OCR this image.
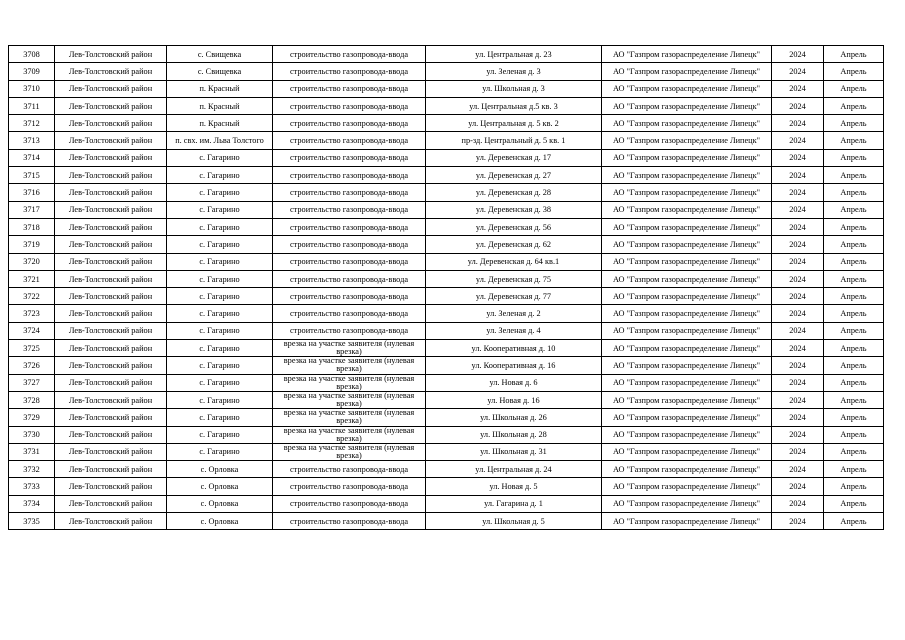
3708	Лев-Толстовский район	с. Свищевка	строительство газопровода-ввода	ул. Центральная д. 23	АО "Газпром газораспределение Липецк"	2024	Апрель
3709	Лев-Толстовский район	с. Свищевка	строительство газопровода-ввода	ул. Зеленая д. 3	АО "Газпром газораспределение Липецк"	2024	Апрель
3710	Лев-Толстовский район	п. Красный	строительство газопровода-ввода	ул. Школьная д. 3	АО "Газпром газораспределение Липецк"	2024	Апрель
3711	Лев-Толстовский район	п. Красный	строительство газопровода-ввода	ул. Центральная д.5 кв. 3	АО "Газпром газораспределение Липецк"	2024	Апрель
3712	Лев-Толстовский район	п. Красный	строительство газопровода-ввода	ул. Центральная д. 5 кв. 2	АО "Газпром газораспределение Липецк"	2024	Апрель
3713	Лев-Толстовский район	п. свх. им. Льва Толстого	строительство газопровода-ввода	пр-зд. Центральный д. 5 кв. 1	АО "Газпром газораспределение Липецк"	2024	Апрель
3714	Лев-Толстовский район	с. Гагарино	строительство газопровода-ввода	ул. Деревенская д. 17	АО "Газпром газораспределение Липецк"	2024	Апрель
3715	Лев-Толстовский район	с. Гагарино	строительство газопровода-ввода	ул. Деревенская д. 27	АО "Газпром газораспределение Липецк"	2024	Апрель
3716	Лев-Толстовский район	с. Гагарино	строительство газопровода-ввода	ул. Деревенская д. 28	АО "Газпром газораспределение Липецк"	2024	Апрель
3717	Лев-Толстовский район	с. Гагарино	строительство газопровода-ввода	ул. Деревенская д. 38	АО "Газпром газораспределение Липецк"	2024	Апрель
3718	Лев-Толстовский район	с. Гагарино	строительство газопровода-ввода	ул. Деревенская д. 56	АО "Газпром газораспределение Липецк"	2024	Апрель
3719	Лев-Толстовский район	с. Гагарино	строительство газопровода-ввода	ул. Деревенская д. 62	АО "Газпром газораспределение Липецк"	2024	Апрель
3720	Лев-Толстовский район	с. Гагарино	строительство газопровода-ввода	ул. Деревенская д. 64 кв.1	АО "Газпром газораспределение Липецк"	2024	Апрель
3721	Лев-Толстовский район	с. Гагарино	строительство газопровода-ввода	ул. Деревенская д. 75	АО "Газпром газораспределение Липецк"	2024	Апрель
3722	Лев-Толстовский район	с. Гагарино	строительство газопровода-ввода	ул. Деревенская д. 77	АО "Газпром газораспределение Липецк"	2024	Апрель
3723	Лев-Толстовский район	с. Гагарино	строительство газопровода-ввода	ул. Зеленая д. 2	АО "Газпром газораспределение Липецк"	2024	Апрель
3724	Лев-Толстовский район	с. Гагарино	строительство газопровода-ввода	ул. Зеленая д. 4	АО "Газпром газораспределение Липецк"	2024	Апрель
3725	Лев-Толстовский район	с. Гагарино	врезка на участке заявителя (нулевая врезка)	ул. Кооперативная д. 10	АО "Газпром газораспределение Липецк"	2024	Апрель
3726	Лев-Толстовский район	с. Гагарино	врезка на участке заявителя (нулевая врезка)	ул. Кооперативная д. 16	АО "Газпром газораспределение Липецк"	2024	Апрель
3727	Лев-Толстовский район	с. Гагарино	врезка на участке заявителя (нулевая врезка)	ул. Новая д. 6	АО "Газпром газораспределение Липецк"	2024	Апрель
3728	Лев-Толстовский район	с. Гагарино	врезка на участке заявителя (нулевая врезка)	ул. Новая д. 16	АО "Газпром газораспределение Липецк"	2024	Апрель
3729	Лев-Толстовский район	с. Гагарино	врезка на участке заявителя (нулевая врезка)	ул. Школьная д. 26	АО "Газпром газораспределение Липецк"	2024	Апрель
3730	Лев-Толстовский район	с. Гагарино	врезка на участке заявителя (нулевая врезка)	ул. Школьная д. 28	АО "Газпром газораспределение Липецк"	2024	Апрель
3731	Лев-Толстовский район	с. Гагарино	врезка на участке заявителя (нулевая врезка)	ул. Школьная д. 31	АО "Газпром газораспределение Липецк"	2024	Апрель
3732	Лев-Толстовский район	с. Орловка	строительство газопровода-ввода	ул. Центральная д. 24	АО "Газпром газораспределение Липецк"	2024	Апрель
3733	Лев-Толстовский район	с. Орловка	строительство газопровода-ввода	ул. Новая д. 5	АО "Газпром газораспределение Липецк"	2024	Апрель
3734	Лев-Толстовский район	с. Орловка	строительство газопровода-ввода	ул. Гагарина д. 1	АО "Газпром газораспределение Липецк"	2024	Апрель
3735	Лев-Толстовский район	с. Орловка	строительство газопровода-ввода	ул. Школьная д. 5	АО "Газпром газораспределение Липецк"	2024	Апрель
